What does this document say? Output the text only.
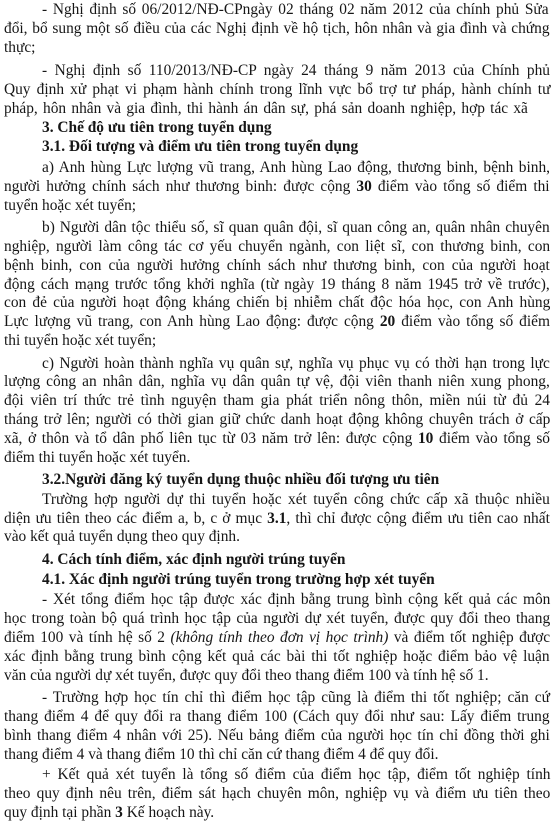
- Nghị định số 06/2012/NĐ-CPngày 02 tháng 02 năm 2012 của chính phủ Sửa
đổi, bổ sung một số điều của các Nghị định về hộ tịch, hôn nhân và gia đình và chứng
thực;
- Nghị định số 110/2013/NĐ-CP ngày 24 tháng 9 năm 2013 của Chính phủ
Quy định xử phạt vi phạm hành chính trong lĩnh vực bổ trợ tư pháp, hành chính tư
pháp, hôn nhân và gia đình, thi hành án dân sự, phá sản doanh nghiệp, hợp tác xã
3. Chế độ ưu tiên trong tuyển dụng
3.1. Đối tượng và điểm ưu tiên trong tuyển dụng
a) Anh hùng Lực lượng vũ trang, Anh hùng Lao động, thương binh, bệnh binh,
người hưởng chính sách như thương binh: được cộng 30 điểm vào tổng số điểm thi
tuyển hoặc xét tuyển;
b) Người dân tộc thiểu số, sĩ quan quân đội, sĩ quan công an, quân nhân chuyên
nghiệp, người làm công tác cơ yếu chuyển ngành, con liệt sĩ, con thương binh, con
bệnh binh, con của người hưởng chính sách như thương binh, con của người hoạt
động cách mạng trước tổng khởi nghĩa (từ ngày 19 tháng 8 năm 1945 trở về trước),
con đẻ của người hoạt động kháng chiến bị nhiễm chất độc hóa học, con Anh hùng
Lực lượng vũ trang, con Anh hùng Lao động: được cộng 20 điểm vào tổng số điểm
thi tuyển hoặc xét tuyển;
c) Người hoàn thành nghĩa vụ quân sự, nghĩa vụ phục vụ có thời hạn trong lực
lượng công an nhân dân, nghĩa vụ dân quân tự vệ, đội viên thanh niên xung phong,
đội viên trí thức trẻ tình nguyện tham gia phát triển nông thôn, miền núi từ đủ 24
tháng trở lên; người có thời gian giữ chức danh hoạt động không chuyên trách ở cấp
xã, ở thôn và tổ dân phố liên tục từ 03 năm trở lên: được cộng 10 điểm vào tổng số
điểm thi tuyển hoặc xét tuyển.
3.2.Người đăng ký tuyển dụng thuộc nhiều đối tượng ưu tiên
Trường hợp người dự thi tuyển hoặc xét tuyển công chức cấp xã thuộc nhiều
diện ưu tiên theo các điểm a, b, c ở mục 3.1, thì chỉ được cộng điểm ưu tiên cao nhất
vào kết quả tuyển dụng theo quy định.
4. Cách tính điểm, xác định người trúng tuyển
4.1. Xác định người trúng tuyển trong trường hợp xét tuyển
- Xét tổng điểm học tập được xác định bằng trung bình cộng kết quả các môn
học trong toàn bộ quá trình học tập của người dự xét tuyển, được quy đổi theo thang
điểm 100 và tính hệ số 2 (không tính theo đơn vị học trình) và điểm tốt nghiệp được
xác định bằng trung bình cộng kết quả các bài thi tốt nghiệp hoặc điểm bảo vệ luận
văn của người dự xét tuyển, được quy đổi theo thang điểm 100 và tính hệ số 1.
- Trường hợp học tín chỉ thì điểm học tập cũng là điểm thi tốt nghiệp; căn cứ
thang điểm 4 để quy đổi ra thang điểm 100 (Cách quy đổi như sau: Lấy điểm trung
bình thang điểm 4 nhân với 25). Nếu bảng điểm của người học tín chỉ đồng thời ghi
thang điểm 4 và thang điểm 10 thì chỉ căn cứ thang điểm 4 để quy đổi.
+ Kết quả xét tuyển là tổng số điểm của điểm học tập, điểm tốt nghiệp tính
theo quy định nêu trên, điểm sát hạch chuyên môn, nghiệp vụ và điểm ưu tiên theo
quy định tại phần 3 Kế hoạch này.
